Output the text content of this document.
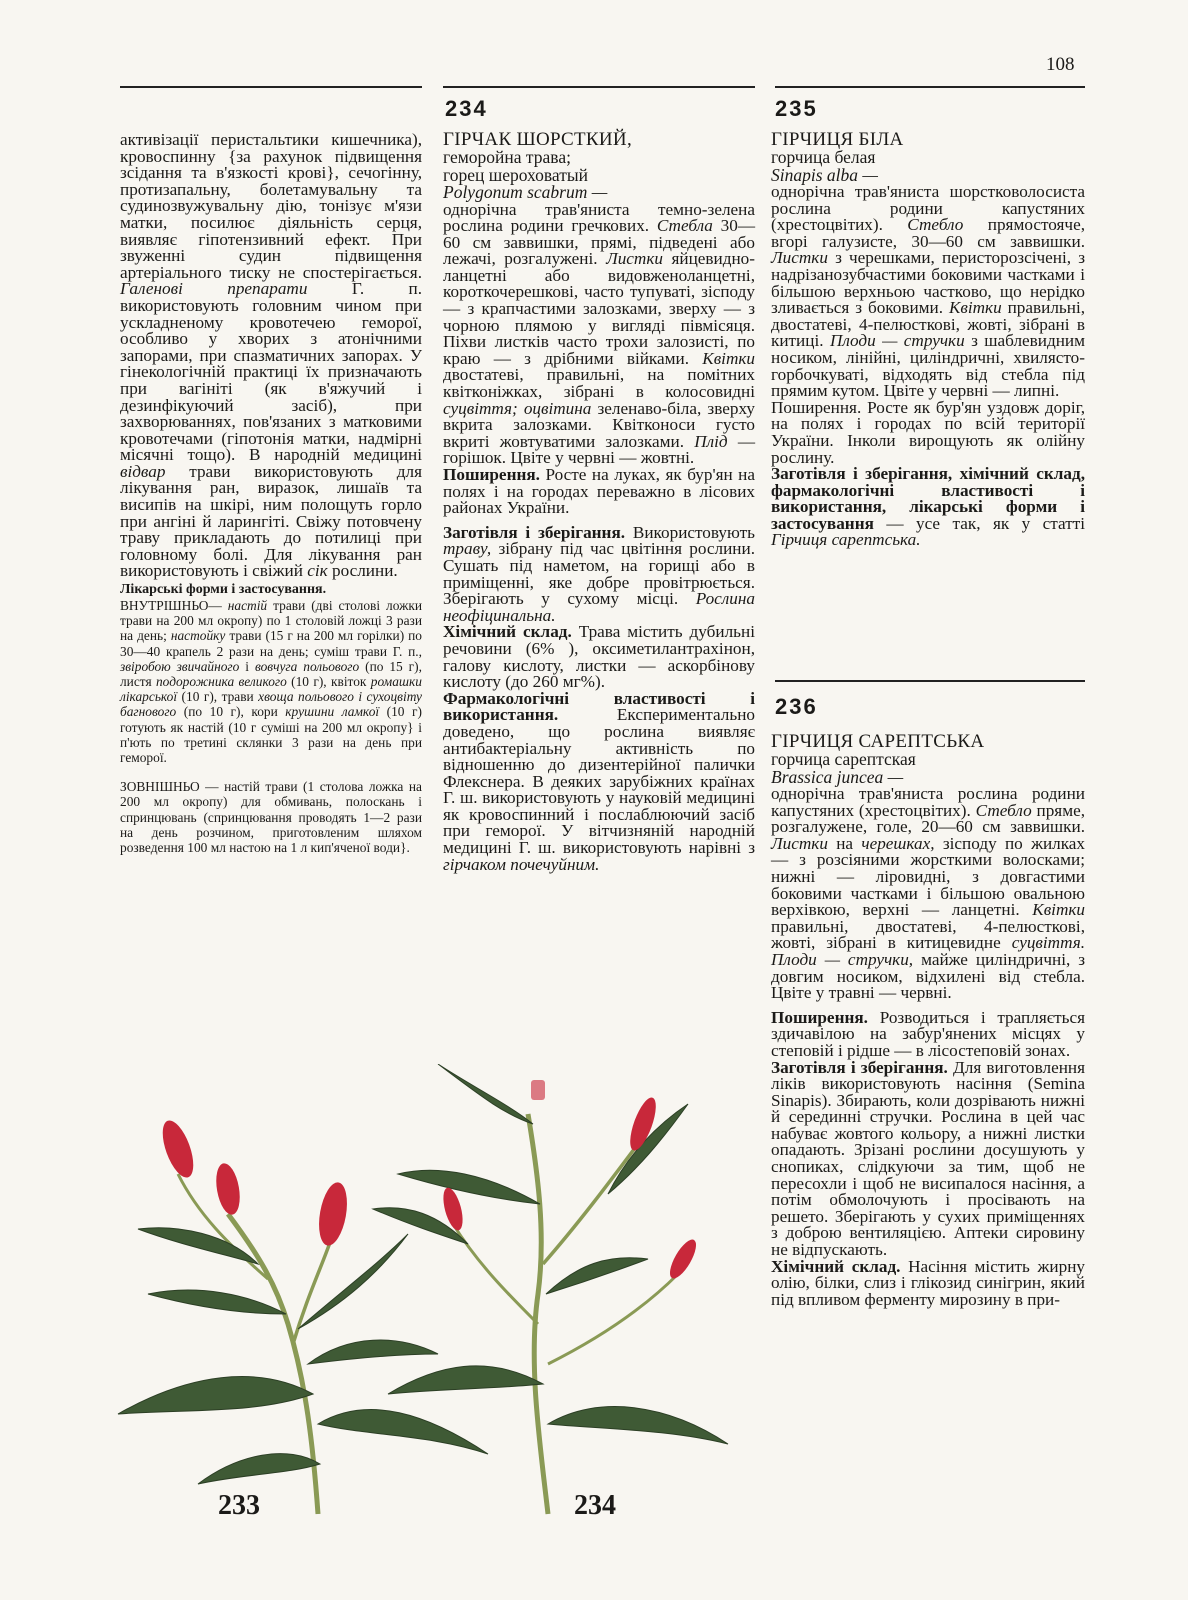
108

активізації перистальтики кишечника), кровоспинну {за рахунок підвищення зсідання та в'язкості крові}, сечогінну, протизапальну, болетамувальну та судинозвужувальну дію, тонізує м'язи матки, посилює діяльність серця, виявляє гіпотензивний ефект. При звуженні судин підвищення артеріального тиску не спостерігається. Галенові препарати	Г. п. використовують головним чином при ускладненому кровотечею геморої, особливо у хворих з атонічними запорами, при спазматичних запорах. У гінекологічній практиці їх призначають при вагініті (як в'яжучий і дезинфікуючий засіб), при захворюваннях, пов'язаних з матковими кровотечами (гіпотонія матки, надмірні місячні тощо). В народній медицині відвар трави використовують для лікування ран, виразок, лишаїв та висипів на шкірі, ним полощуть горло при ангіні й ларингіті. Свіжу потовчену траву прикладають до потилиці при головному болі. Для лікування ран використовують і свіжий сік рослини.

Лікарські форми і застосування.

ВНУТРІШНЬО— настій трави (дві столові ложки трави на 200 мл окропу) по 1 столовій ложці 3 рази на день; настойку трави (15 г на 200 мл горілки) по 30—40 крапель 2 рази на день; суміш трави Г. п., звіробою звичайного і вовчуга польового (по 15 г), листя подорожника великого (10 г), квіток ромашки лікарської (10 г), трави хвоща польового і сухоцвіту багнового (по 10 г), кори крушини ламкої (10 г) готують як настій (10 г суміші на 200 мл окропу} і п'ють по третині склянки 3 рази на день при геморої.

ЗОВНІШНЬО — настій трави (1 столова ложка на 200 мл окропу) для обмивань, полоскань і спринцювань (спринцювання проводять 1—2 рази на день розчином, приготовленим шляхом розведення 100 мл настою на 1 л кип'яченої води}.

234

ГІРЧАК ШОРСТКИЙ,

геморойна трава;

горец шероховатый

Polygonum scabrum —

однорічна трав'яниста темно-зелена рослина родини гречкових. Стебла 30—60 см заввишки, прямі, підведені або лежачі, розгалужені. Листки яйцевидно-ланцетні або видовженоланцетні, короткочерешкові, часто тупуваті, зісподу — з крапчастими залозками, зверху — з чорною плямою у вигляді півмісяця. Піхви листків часто трохи залозисті, по краю — з дрібними війками. Квітки двостатеві, правильні, на помітних квітконіжках, зібрані в колосовидні суцвіття; оцвітина зеленаво-біла, зверху вкрита залозками. Квітконоси густо вкриті жовтуватими залозками. Плід — горішок. Цвіте у червні — жовтні.

Поширення. Росте на луках, як бур'ян на полях і на городах переважно в лісових районах України.

Заготівля і зберігання. Використовують траву, зібрану під час цвітіння рослини. Сушать під наметом, на горищі або в приміщенні, яке добре провітрюється. Зберігають у сухому місці. Рослина неофіцинальна.

Хімічний склад. Трава містить дубильні речовини (6% ), оксиметилантрахінон, галову кислоту, листки — аскорбінову кислоту (до 260 мг%).

Фармакологічні властивості і використання.	Експериментально доведено, що рослина виявляє антибактеріальну активність по відношенню до дизентерійної палички Флекснера. В деяких зарубіжних країнах Г. ш. використовують у науковій медицині як кровоспинний і послаблюючий засіб при геморої. У вітчизняній народній медицині Г. ш. використовують нарівні з гірчаком почечуйним.

235

ГІРЧИЦЯ БІЛА

горчица белая

Sinapis alba —

однорічна трав'яниста шорстковолосиста рослина родини капустяних (хрестоцвітих). Стебло прямостояче, вгорі галузисте, 30—60 см заввишки. Листки з черешками, перисторозсічені, з надрізанозубчастими боковими частками і більшою верхньою частково, що нерідко зливається з боковими. Квітки правильні, двостатеві, 4-пелюсткові, жовті, зібрані в китиці. Плоди — стручки з шаблевидним носиком, лінійні, циліндричні, хвилясто-горбочкуваті, відходять від стебла під прямим кутом. Цвіте у червні — липні.

Поширення. Росте як бур'ян уздовж доріг, на полях і городах по всій території України. Інколи вирощують як олійну рослину.

Заготівля і зберігання, хімічний склад, фармакологічні властивості і використання, лікарські форми і застосування — усе так, як у статті Гірчиця сарептська.

236

ГІРЧИЦЯ САРЕПТСЬКА

горчица сарептская

Brassica juncea —

однорічна трав'яниста рослина родини капустяних (хрестоцвітих). Стебло пряме, розгалужене, голе, 20—60 см заввишки. Листки на черешках, зісподу по жилках — з розсіяними жорсткими волосками; нижні — ліровидні, з довгастими боковими частками і більшою овальною верхівкою, верхні — ланцетні. Квітки правильні, двостатеві, 4-пелюсткові, жовті, зібрані в китицевидне суцвіття. Плоди — стручки, майже циліндричні, з довгим носиком, відхилені від стебла. Цвіте у травні — червні.

Поширення. Розводиться і трапляється здичавілою на забур'янених місцях у степовій і рідше — в лісостеповій зонах.

Заготівля і зберігання. Для виготовлення ліків використовують насіння (Semina Sinapis). Збирають, коли дозрівають нижні й серединні стручки. Рослина в цей час набуває жовтого кольору, а нижні листки опадають. Зрізані рослини досушують у снопиках, слідкуючи за тим, щоб не пересохли і щоб не висипалося насіння, а потім обмолочують і просівають на решето. Зберігають у сухих приміщеннях з доброю вентиляцією. Аптеки сировину не відпускають.

Хімічний склад. Насіння містить жирну олію, білки, слиз і глікозид синігрин, який під впливом ферменту мирозину в при-

233	234
